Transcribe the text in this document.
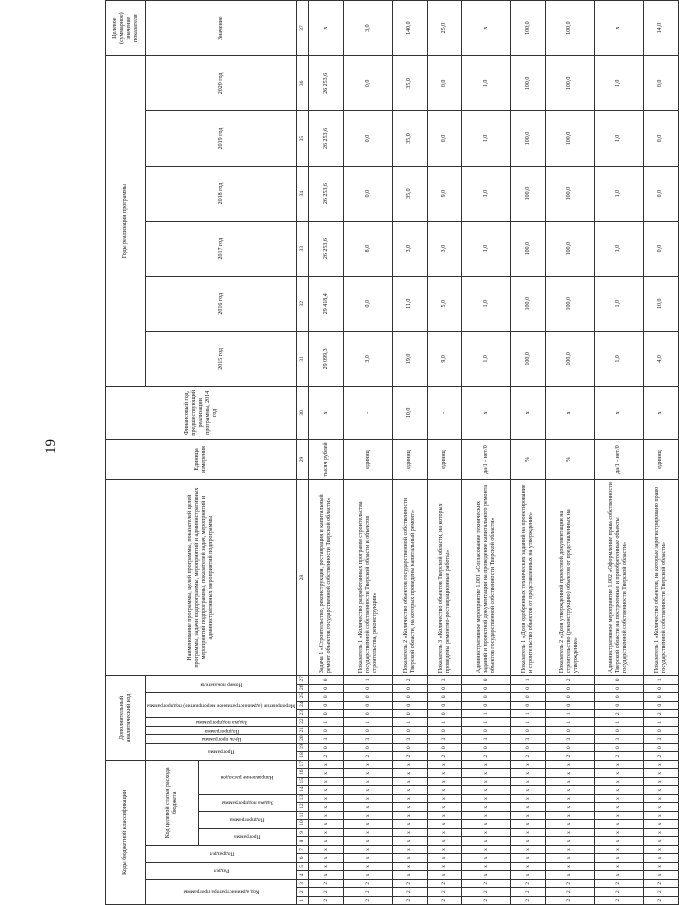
19
Коды бюджетной классификации																	Дополнительный аналитический код										Наименование программы, целей программы, показателей целей программы, задачи подпрограммы, мероприятий и административных мероприятий подпрограммы, показателей задач, мероприятий и административных мероприятий подпрограммы	Единица измерения	Финансовый год, предшествующий реализации программы, 2014 год	Годы реализации программы						Целевое (суммарное) значение показателя
Код администратора программы			Раздел		Подраздел		Код целевой статьи расхода бюджета										Программа		Цель программы	Подпрограмма	Задача подпрограммы	Мероприятие (административное мероприятие) подпрограммы			Номер показателя					2015 год	2016 год	2017 год	2018 год	2019 год	2020 год	Значение
							Программа		Подпрограмма		Задача подпрограммы		Направление расходов																							
1	2	3	4	5	6	7	8	9	10	11	12	13	14	15	16	17	18	19	20	21	22	23	24	25	26	27	28	29	30	31	32	33	34	35	36	37
2	2	2	x	x	x	x	x	x	x	x	x	x	x	x	x	x	2	0	3	0	1	0	0	0	0	0	Задача 1 «Строительство, реконструкция, реставрация и капитальный ремонт объектов государственной собственности Тверской области»	тысяч рублей	x	29 099,3	29 418,4	26 253,6	26 253,6	26 253,6	26 253,6	x
2	2	2	x	x	x	x	x	x	x	x	x	x	x	x	x	x	2	0	3	0	1	0	0	0	0	1	Показатель 1 «Количество разработанных программ строительства государственной собственности Тверской области и объектов строительства, реконструкции»	единиц	-	3,0	0,0	8,0	0,0	0,0	0,0	3,0
2	2	2	x	x	x	x	x	x	x	x	x	x	x	x	x	x	2	0	3	0	1	0	0	0	0	2	Показатель 2 «Количество объектов государственной собственности Тверской области, на которых проведены капитальный ремонт»	единиц	10,0	19,0	11,0	3,0	35,0	35,0	35,0	140,0
2	2	2	x	x	x	x	x	x	x	x	x	x	x	x	x	x	2	0	3	0	1	0	0	0	0	3	Показатель 3 «Количество объектов Тверской области, на которых проведены ремонтно-реставрационные работы»	единиц	-	9,0	5,0	3,0	9,0	0,0	0,0	25,0
2	2	2	x	x	x	x	x	x	x	x	x	x	x	x	x	x	2	0	3	0	1	1	0	0	0	0	Административное мероприятие 1.001 «Согласование технических заданий и проектной документации на проведение капитального ремонта объектов государственной собственности Тверской области»	да/1 - нет/0	x	1,0	1,0	1,0	1,0	1,0	1,0	x
2	2	2	x	x	x	x	x	x	x	x	x	x	x	x	x	x	2	0	3	0	1	1	0	0	0	1	Показатель 1 «Доля одобренных технических заданий на проектирование и строительство объектов от представленных на утверждение»	%	x	100,0	100,0	100,0	100,0	100,0	100,0	100,0
2	2	2	x	x	x	x	x	x	x	x	x	x	x	x	x	x	2	0	3	0	1	1	0	0	0	2	Показатель 2 «Доля утвержденной проектной документации на строительство (реконструкцию) объектов от представленных на утверждение»	%	x	100,0	100,0	100,0	100,0	100,0	100,0	100,0
2	2	2	x	x	x	x	x	x	x	x	x	x	x	x	x	x	2	0	3	0	1	2	0	0	0	0	Административное мероприятие 1.002 «Оформление права собственности Тверской области на построенные и приобретенные объекты государственной собственности Тверской области»	да/1 - нет/0	x	1,0	1,0	1,0	1,0	1,0	1,0	x
2	2	2	x	x	x	x	x	x	x	x	x	x	x	x	x	x	2	0	3	0	1	2	0	0	0	1	Показатель 1 «Количество объектов, на которые зарегистрировано право государственной собственности Тверской области»	единиц	x	4,0	10,0	0,0	0,0	0,0	0,0	14,0
